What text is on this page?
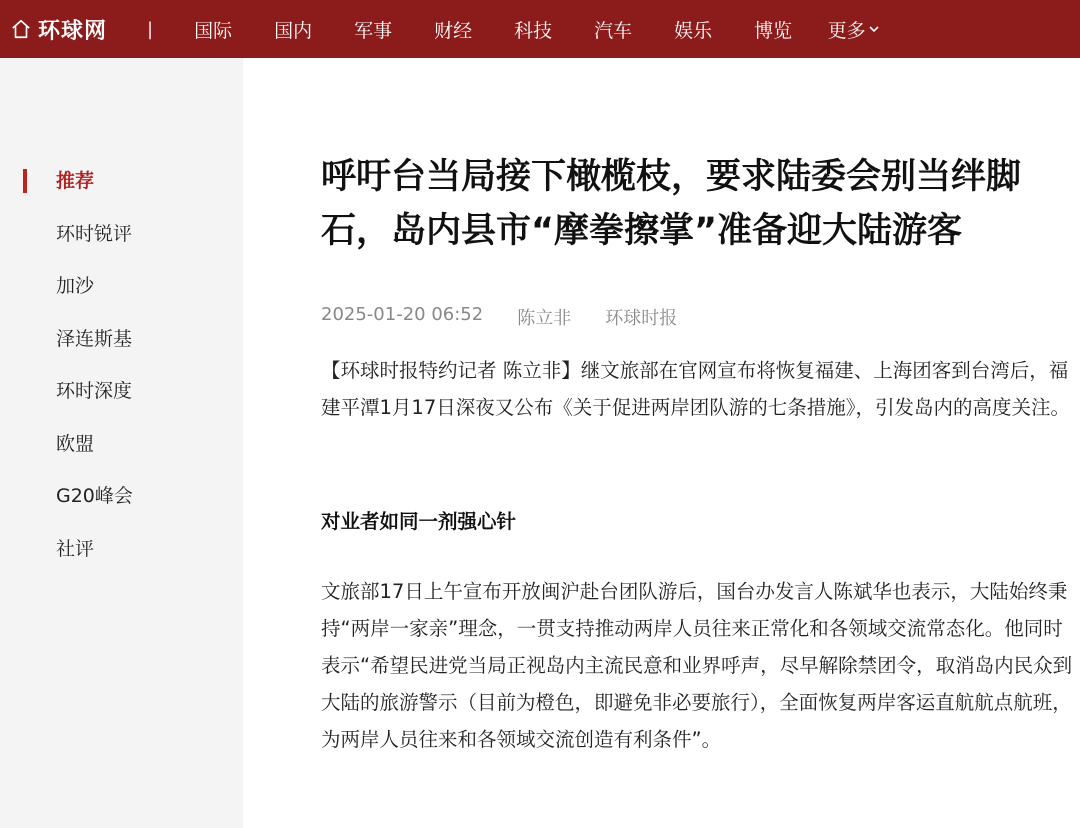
环球网 |	国际	国内	军事	财经	科技	汽车	娱乐	博览	更多
推荐
环时锐评
加沙
泽连斯基
环时深度
欧盟
G20峰会
社评
呼吁台当局接下橄榄枝，要求陆委会别当绊脚石，岛内县市“摩拳擦掌”准备迎大陆游客
2025-01-20 06:52 陈立非 环球时报

【环球时报特约记者 陈立非】继文旅部在官网宣布将恢复福建、上海团客到台湾后，福建平潭1月17日深夜又公布《关于促进两岸团队游的七条措施》，引发岛内的高度关注。

对业者如同一剂强心针

文旅部17日上午宣布开放闽沪赴台团队游后，国台办发言人陈斌华也表示，大陆始终秉持“两岸一家亲”理念，一贯支持推动两岸人员往来正常化和各领域交流常态化。他同时表示“希望民进党当局正视岛内主流民意和业界呼声，尽早解除禁团令，取消岛内民众到大陆的旅游警示（目前为橙色，即避免非必要旅行），全面恢复两岸客运直航航点航班，为两岸人员往来和各领域交流创造有利条件”。
